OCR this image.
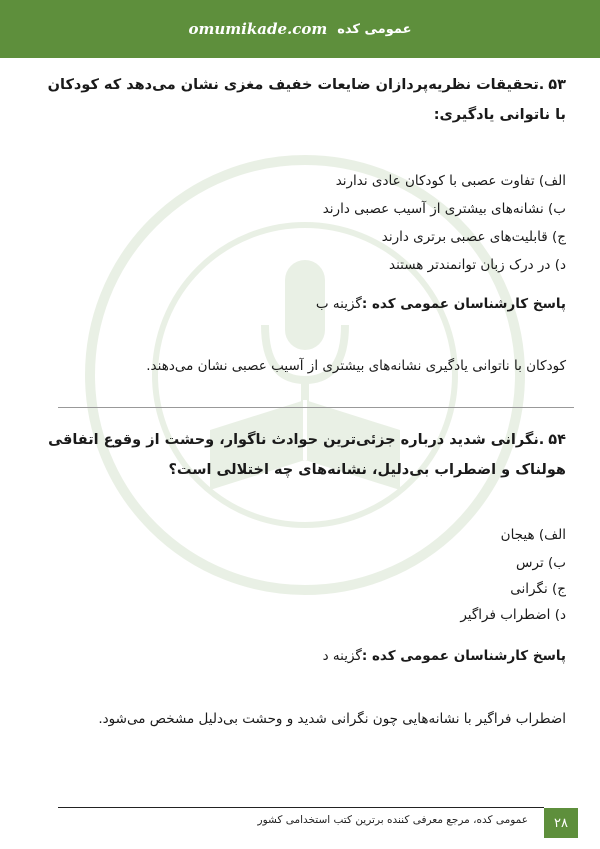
omumikade.com عمومی کده
۵۳.تحقیقات نظریه‌پردازان ضایعات خفیف مغزی نشان می‌دهد که کودکان با ناتوانی یادگیری:
الف) تفاوت عصبی با کودکان عادی ندارند
ب) نشانه‌های بیشتری از آسیب عصبی دارند
ج) قابلیت‌های عصبی برتری دارند
د) در درک زبان توانمندتر هستند
پاسخ کارشناسان عمومی کده :گزینه ب
کودکان با ناتوانی یادگیری نشانه‌های بیشتری از آسیب عصبی نشان می‌دهند.
۵۴.نگرانی شدید درباره جزئی‌ترین حوادث ناگوار، وحشت از وقوع اتفاقی هولناک و اضطراب بی‌دلیل، نشانه‌های چه اختلالی است؟
الف) هیجان
ب) ترس
ج) نگرانی
د) اضطراب فراگیر
پاسخ کارشناسان عمومی کده :گزینه د
اضطراب فراگیر با نشانه‌هایی چون نگرانی شدید و وحشت بی‌دلیل مشخص می‌شود.
عمومی کده، مرجع معرفی کننده برترین کتب استخدامی کشور	۲۸
